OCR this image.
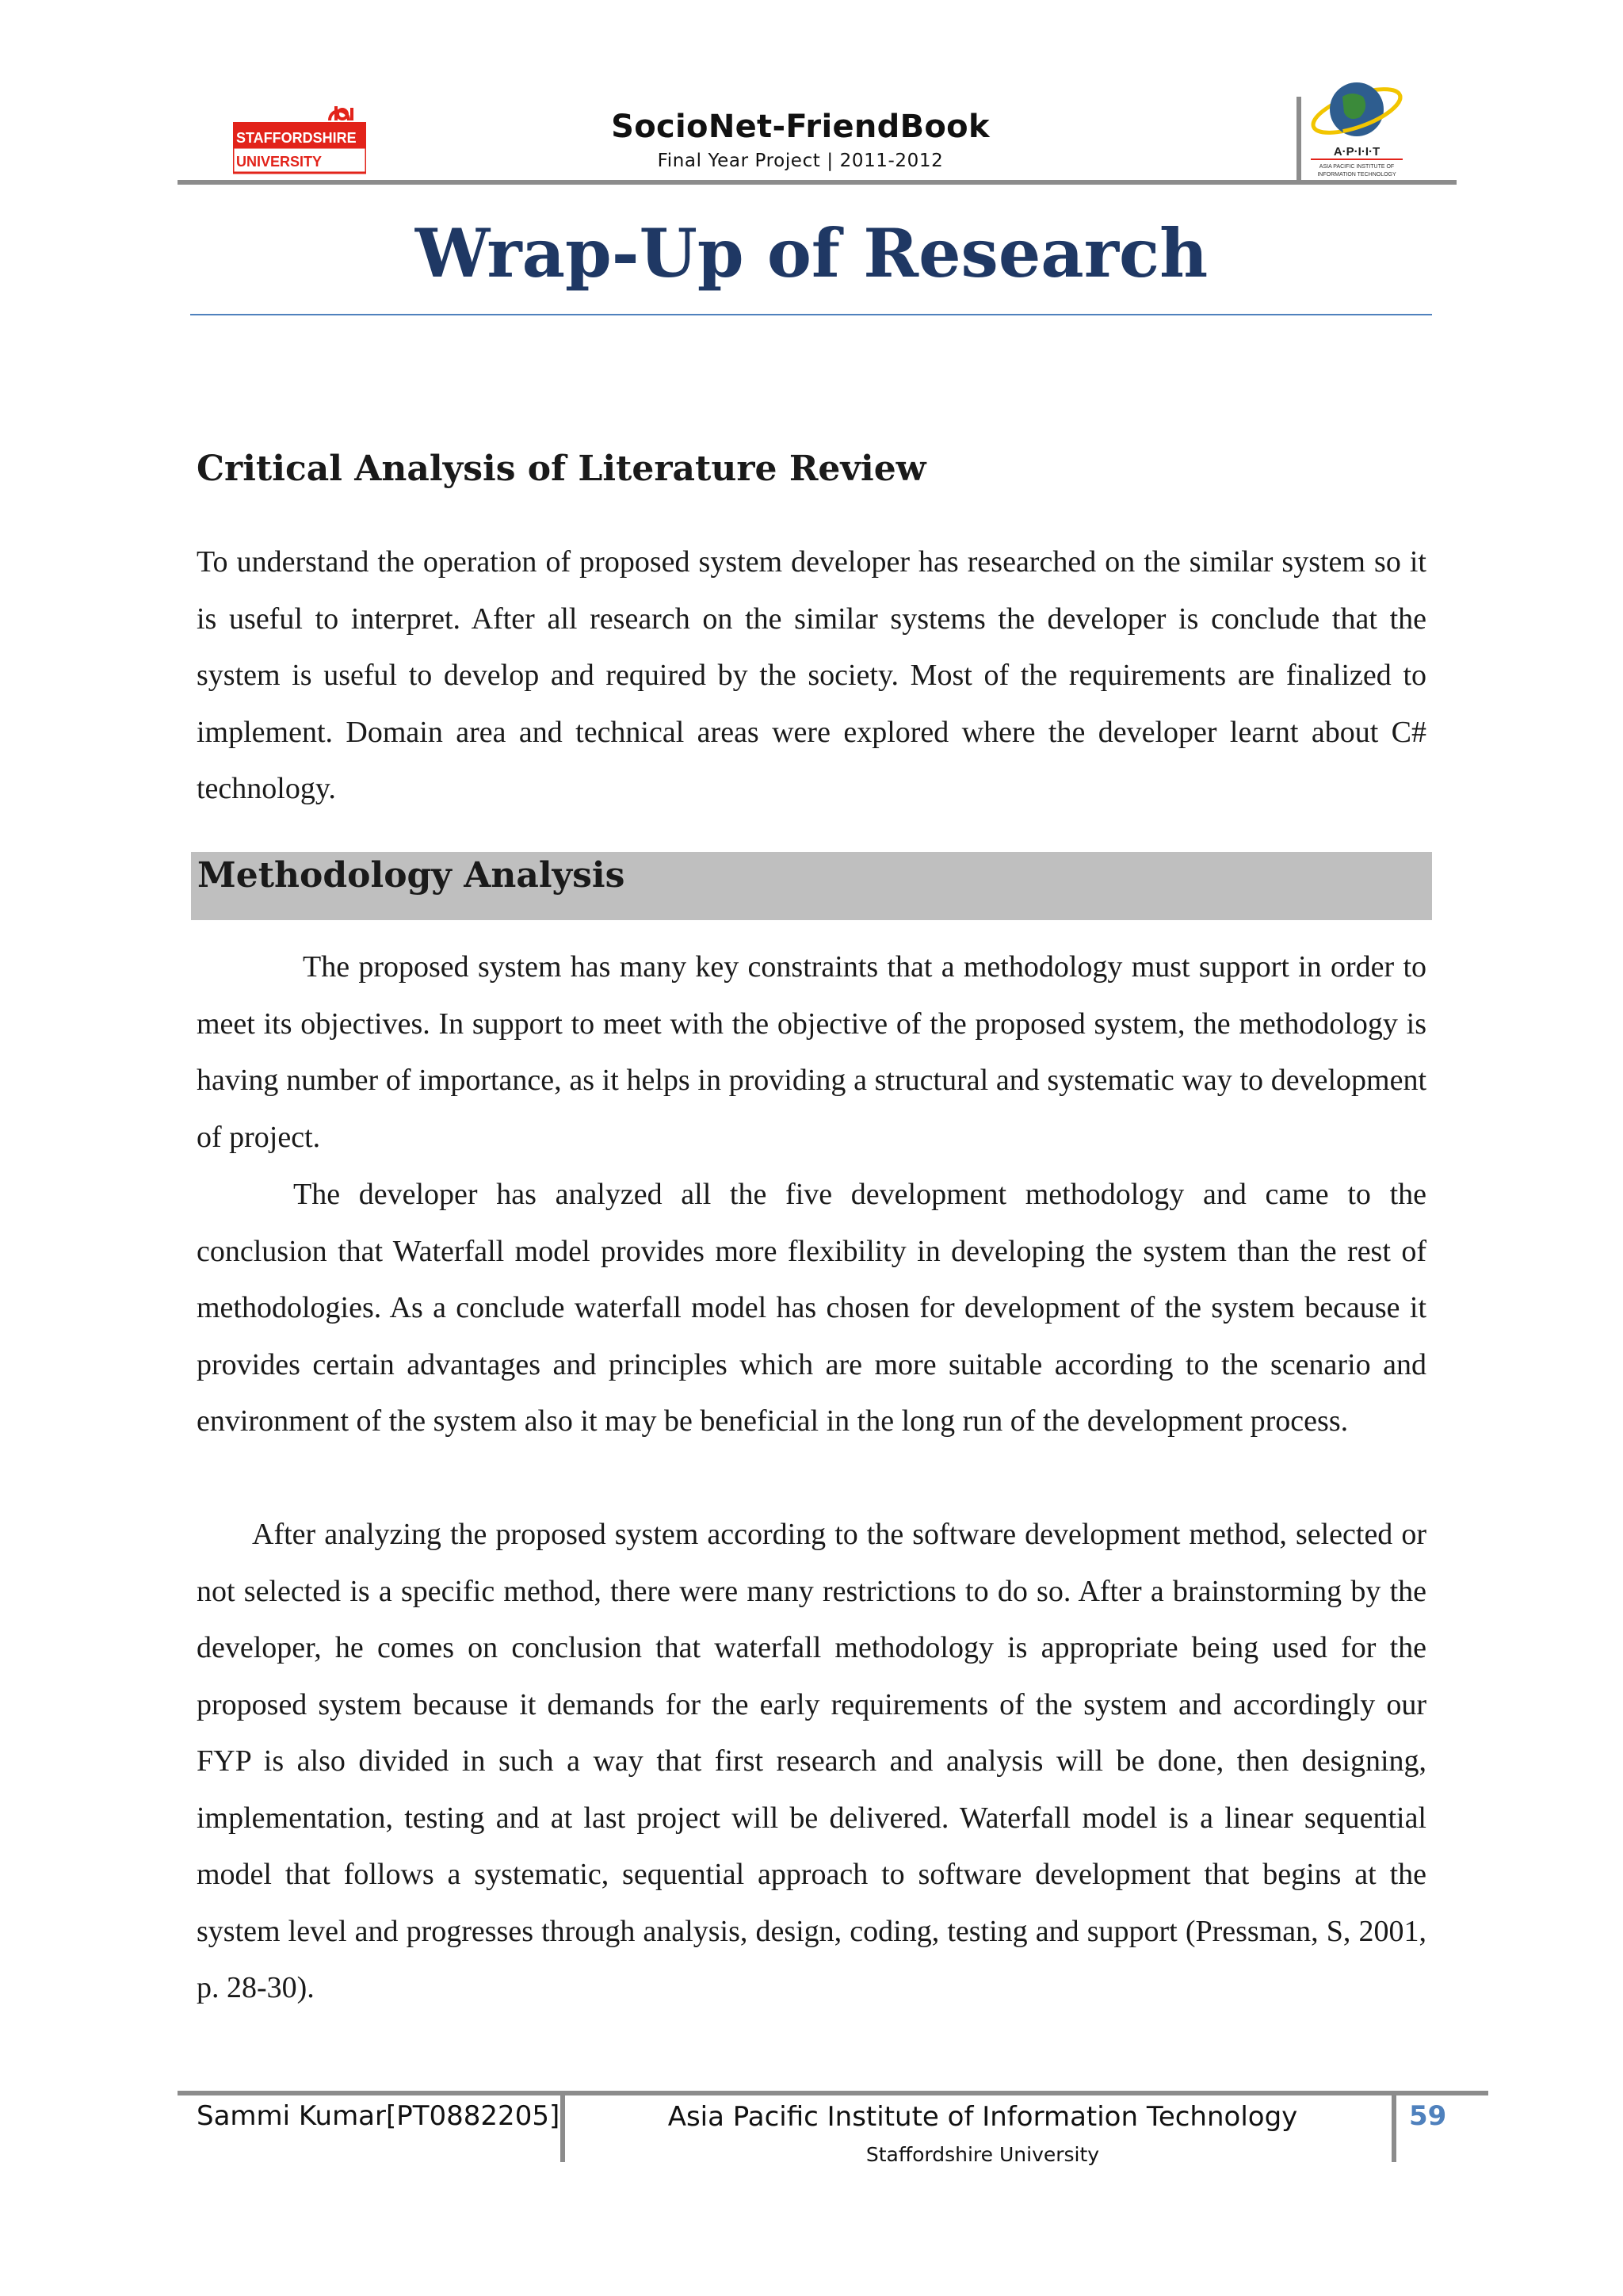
STAFFORDSHIRE
UNIVERSITY
SocioNet-FriendBook
Final Year Project | 2011-2012	A·P·I·I·T
ASIA PACIFIC INSTITUTE OF
INFORMATION TECHNOLOGY
Wrap-Up of Research
Critical Analysis of Literature Review
To understand the operation of proposed system developer has researched on the similar system so it is useful to interpret. After all research on the similar systems the developer is conclude that the system is useful to develop and required by the society. Most of the requirements are finalized to implement. Domain area and technical areas were explored where the developer learnt about C# technology.
Methodology Analysis
The proposed system has many key constraints that a methodology must support in order to meet its objectives. In support to meet with the objective of the proposed system, the methodology is having number of importance, as it helps in providing a structural and systematic way to development of project.
The developer has analyzed all the five development methodology and came to the conclusion that Waterfall model provides more flexibility in developing the system than the rest of methodologies. As a conclude waterfall model has chosen for development of the system because it provides certain advantages and principles which are more suitable according to the scenario and environment of the system also it may be beneficial in the long run of the development process.
After analyzing the proposed system according to the software development method, selected or not selected is a specific method, there were many restrictions to do so. After a brainstorming by the developer, he comes on conclusion that waterfall methodology is appropriate being used for the proposed system because it demands for the early requirements of the system and accordingly our FYP is also divided in such a way that first research and analysis will be done, then designing, implementation, testing and at last project will be delivered. Waterfall model is a linear sequential model that follows a systematic, sequential approach to software development that begins at the system level and progresses through analysis, design, coding, testing and support (Pressman, S, 2001, p. 28-30).
Sammi Kumar[PT0882205]	Asia Pacific Institute of Information Technology
Staffordshire University
59
